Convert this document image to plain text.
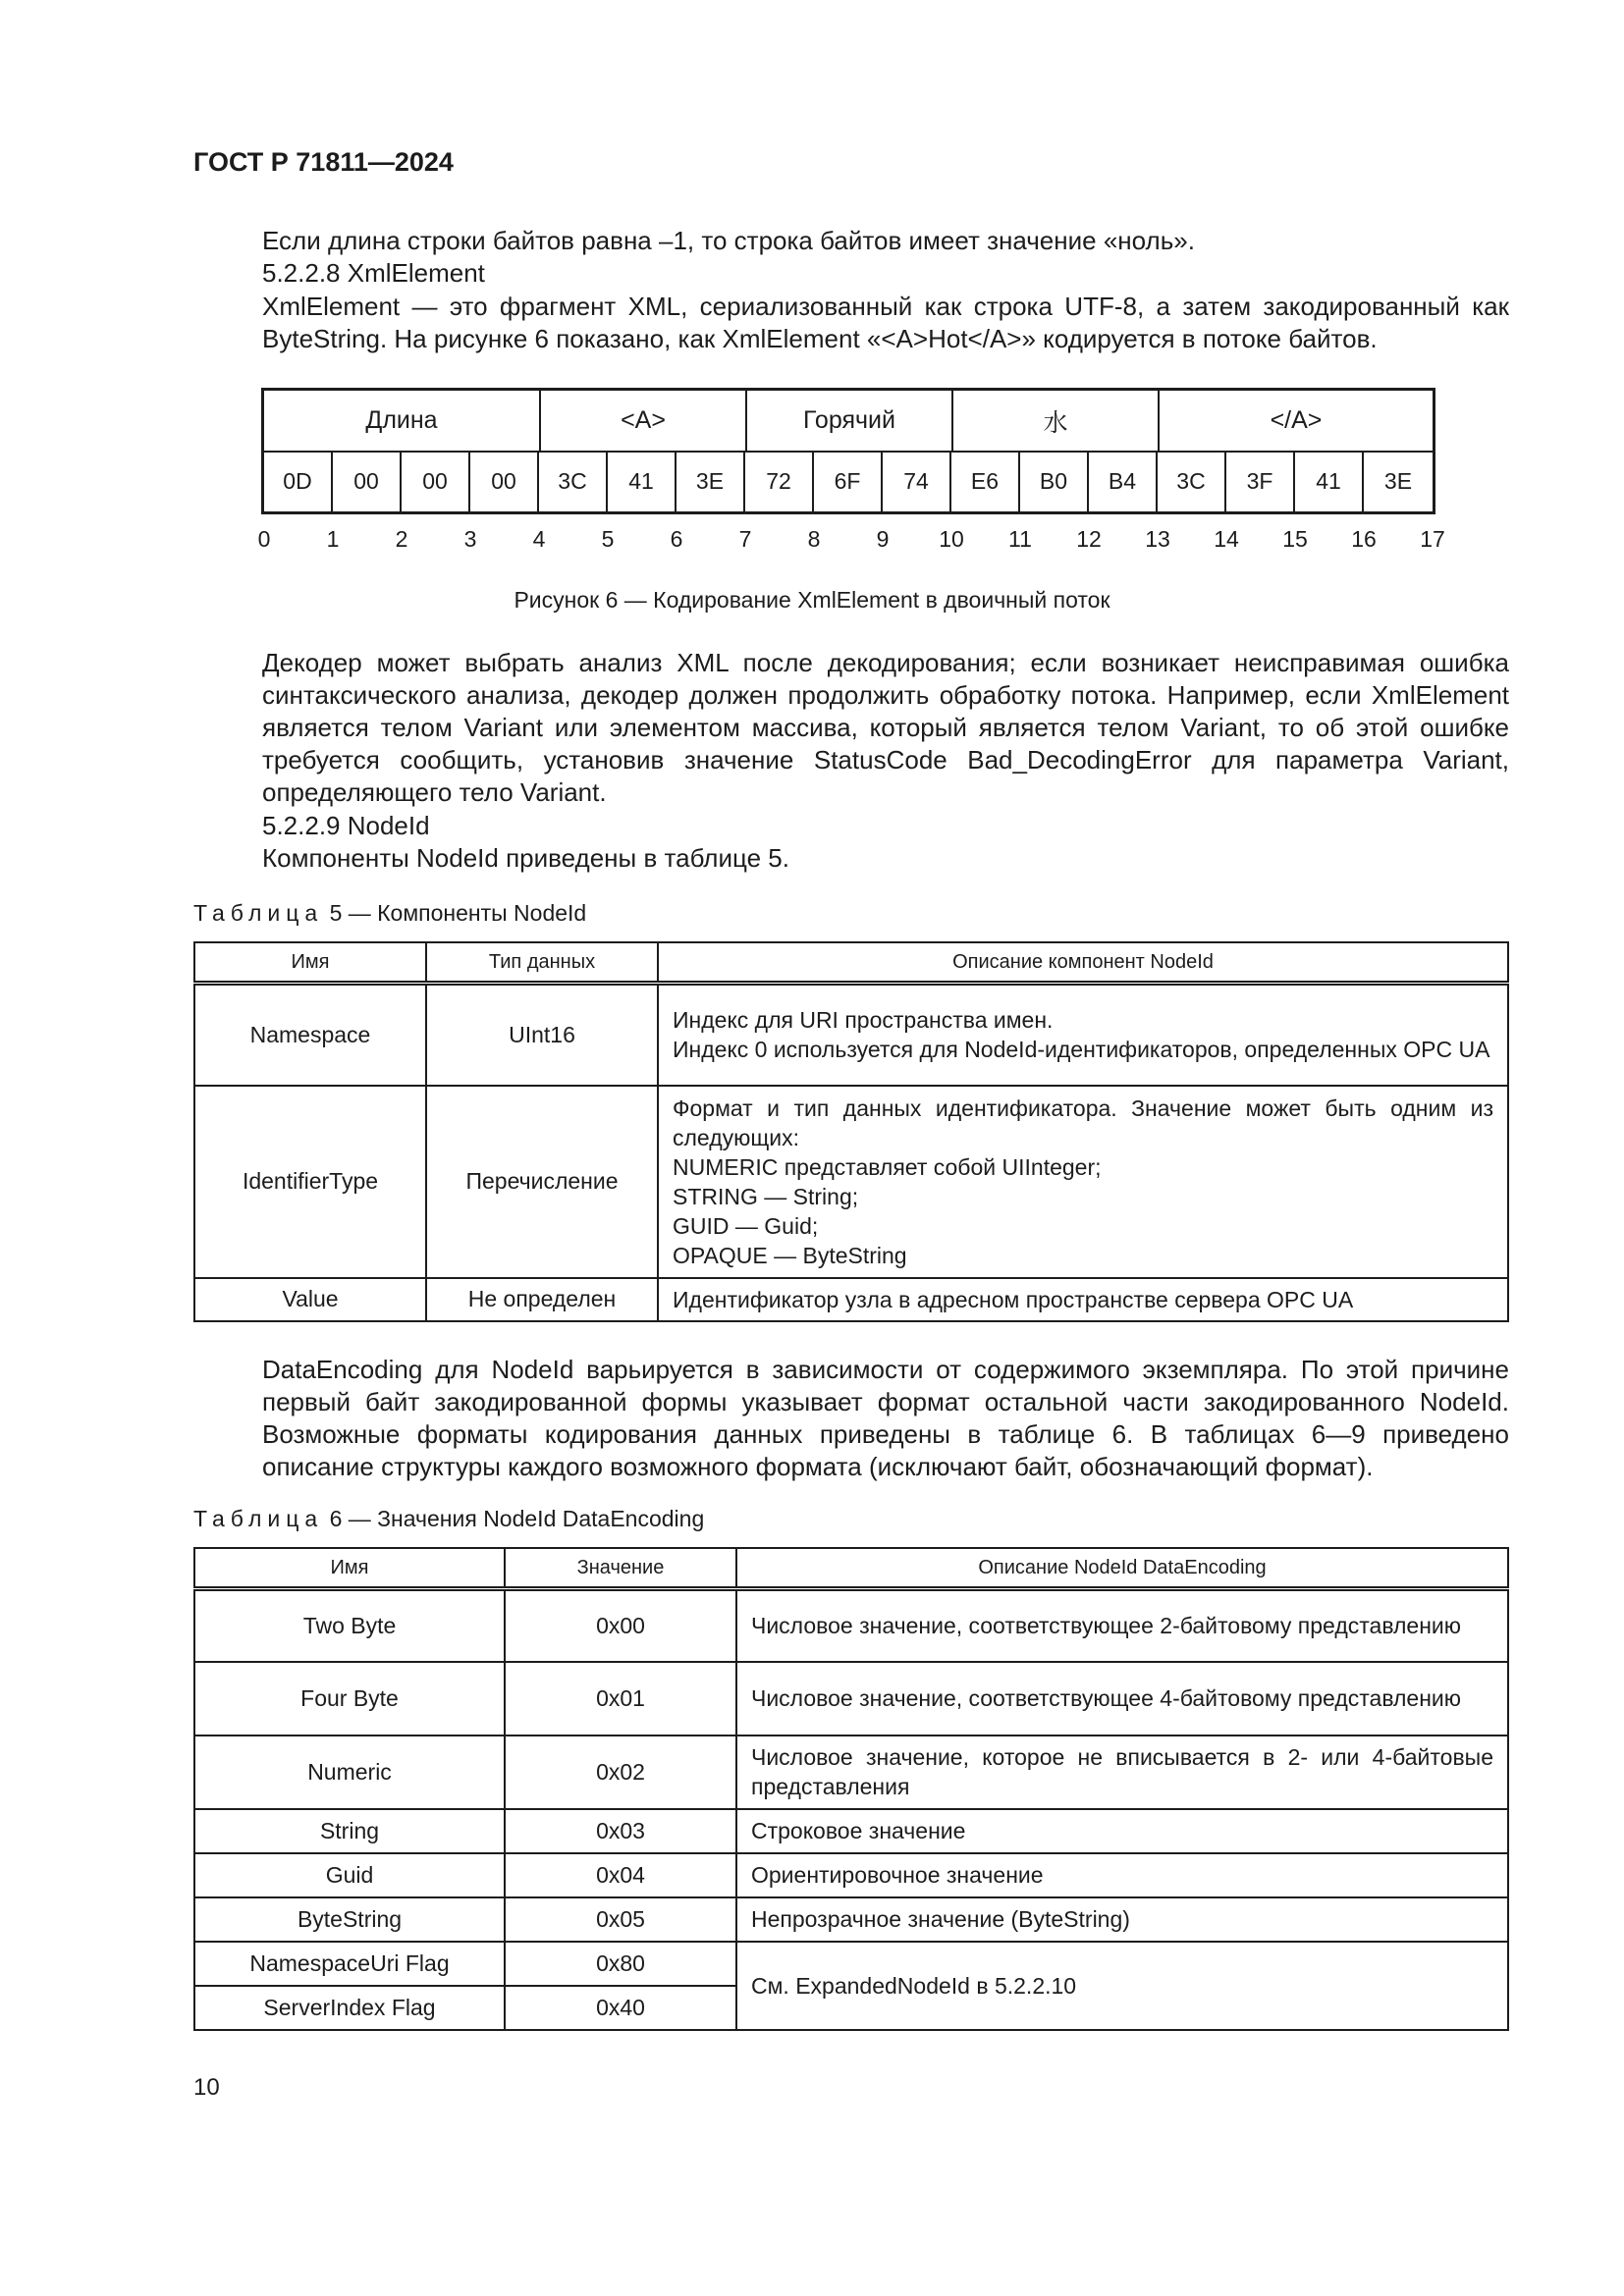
ГОСТ Р 71811—2024
Если длина строки байтов равна –1, то строка байтов имеет значение «ноль».
5.2.2.8 XmlElement
XmlElement — это фрагмент XML, сериализованный как строка UTF-8, а затем закодированный как ByteString. На рисунке 6 показано, как XmlElement «<A>Hot</A>» кодируется в потоке байтов.
Длина	<A>	Горячий	水	</A>
0D	00	00	00	3C	41	3E	72	6F	74	E6	B0	B4	3C	3F	41	3E
0 1 2 3 4 5 6 7 8 9 10 11 12 13 14 15 16 17
Рисунок 6 — Кодирование XmlElement в двоичный поток
Декодер может выбрать анализ XML после декодирования; если возникает неисправимая ошибка синтаксического анализа, декодер должен продолжить обработку потока. Например, если XmlElement является телом Variant или элементом массива, который является телом Variant, то об этой ошибке требуется сообщить, установив значение StatusCode Bad_DecodingError для параметра Variant, определяющего тело Variant.
5.2.2.9 NodeId
Компоненты NodeId приведены в таблице 5.
Таблица 5 — Компоненты NodeId
Имя	Тип данных	Описание компонент NodeId
Namespace	UInt16	Индекс для URI пространства имен.
Индекс 0 используется для NodeId-идентификаторов, определенных OPC UA

IdentifierType	Перечисление	Формат и тип данных идентификатора. Значение может быть одним из следующих:
NUMERIC представляет собой UIInteger;
STRING — String;
GUID — Guid;
OPAQUE — ByteString

Value	Не определен	Идентификатор узла в адресном пространстве сервера OPC UA
DataEncoding для NodeId варьируется в зависимости от содержимого экземпляра. По этой причине первый байт закодированной формы указывает формат остальной части закодированного NodeId. Возможные форматы кодирования данных приведены в таблице 6. В таблицах 6—9 приведено описание структуры каждого возможного формата (исключают байт, обозначающий формат).
Таблица 6 — Значения NodeId DataEncoding
Имя	Значение	Описание NodeId DataEncoding
Two Byte	0x00	Числовое значение, соответствующее 2-байтовому представлению
Four Byte	0x01	Числовое значение, соответствующее 4-байтовому представлению
Numeric	0x02	Числовое значение, которое не вписывается в 2- или 4-байтовые представления
String	0x03	Строковое значение
Guid	0x04	Ориентировочное значение
ByteString	0x05	Непрозрачное значение (ByteString)
NamespaceUri Flag	0x80	См. ExpandedNodeId в 5.2.2.10
ServerIndex Flag	0x40	
10
